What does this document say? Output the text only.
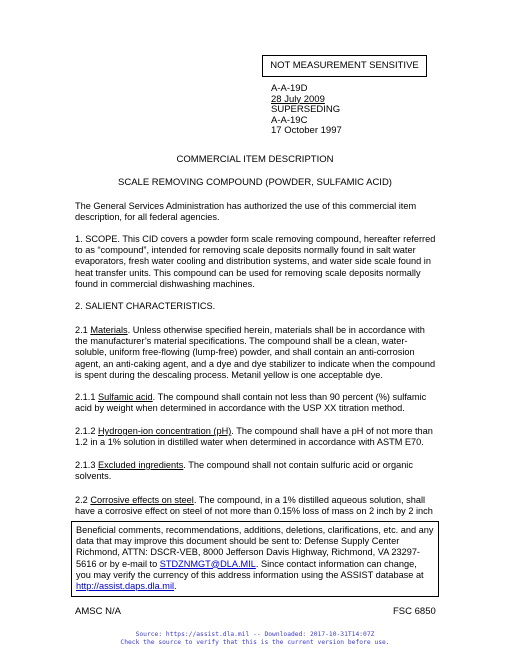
NOT MEASUREMENT SENSITIVE
A-A-19D
28 July 2009
SUPERSEDING
A-A-19C
17 October 1997
COMMERCIAL ITEM DESCRIPTION
SCALE REMOVING COMPOUND (POWDER, SULFAMIC ACID)
The General Services Administration has authorized the use of this commercial item
description, for all federal agencies.
1. SCOPE. This CID covers a powder form scale removing compound, hereafter referred
to as “compound”, intended for removing scale deposits normally found in salt water
evaporators, fresh water cooling and distribution systems, and water side scale found in
heat transfer units. This compound can be used for removing scale deposits normally
found in commercial dishwashing machines.
2. SALIENT CHARACTERISTICS.
2.1 Materials. Unless otherwise specified herein, materials shall be in accordance with
the manufacturer’s material specifications. The compound shall be a clean, water-
soluble, uniform free-flowing (lump-free) powder, and shall contain an anti-corrosion
agent, an anti-caking agent, and a dye and dye stabilizer to indicate when the compound
is spent during the descaling process. Metanil yellow is one acceptable dye.
2.1.1 Sulfamic acid. The compound shall contain not less than 90 percent (%) sulfamic
acid by weight when determined in accordance with the USP XX titration method.
2.1.2 Hydrogen-ion concentration (pH). The compound shall have a pH of not more than
1.2 in a 1% solution in distilled water when determined in accordance with ASTM E70.
2.1.3 Excluded ingredients. The compound shall not contain sulfuric acid or organic
solvents.
2.2 Corrosive effects on steel. The compound, in a 1% distilled aqueous solution, shall
have a corrosive effect on steel of not more than 0.15% loss of mass on 2 inch by 2 inch
Beneficial comments, recommendations, additions, deletions, clarifications, etc. and any
data that may improve this document should be sent to: Defense Supply Center
Richmond, ATTN: DSCR-VEB, 8000 Jefferson Davis Highway, Richmond, VA 23297-
5616 or by e-mail to STDZNMGT@DLA.MIL. Since contact information can change,
you may verify the currency of this address information using the ASSIST database at
http://assist.daps.dla.mil.
AMSC N/A	FSC 6850
Source: https://assist.dla.mil -- Downloaded: 2017-10-31T14:07Z
Check the source to verify that this is the current version before use.
